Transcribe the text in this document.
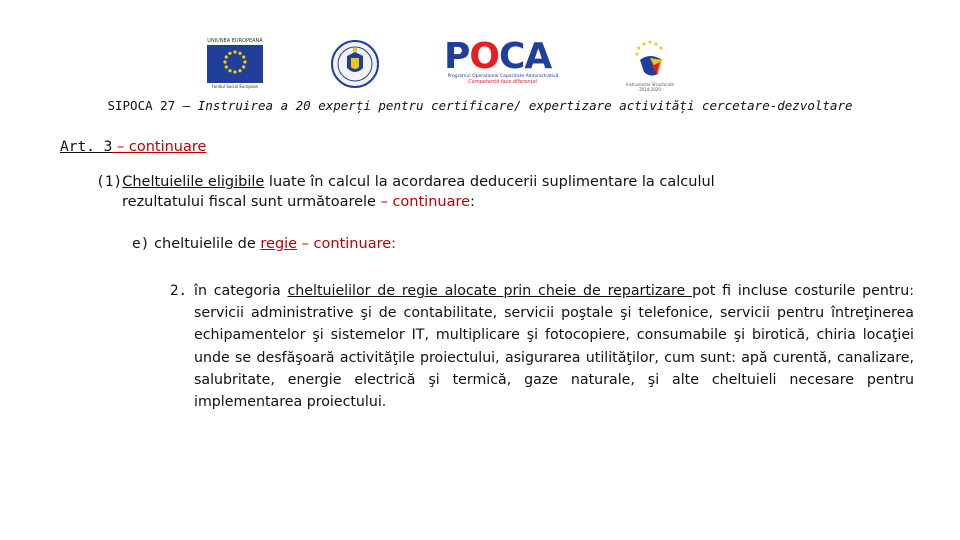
UNIUNEA EUROPEANĂ
Fondul Social European
POCA
Programul Operațional Capacitate Administrativă
Competență face diferența!	Instrumente Structurale 2014-2020
SIPOCA 27 – Instruirea a 20 experți pentru certificare/ expertizare activități cercetare-dezvoltare
Art. 3 – continuare
(1)Cheltuielile eligibile luate în calcul la acordarea deducerii suplimentare la calculul
rezultatului fiscal sunt următoarele – continuare:
e) cheltuielile de regie – continuare:
2. în categoria cheltuielilor de regie alocate prin cheie de repartizare pot fi incluse costurile pentru: servicii administrative şi de contabilitate, servicii poştale şi telefonice, servicii pentru întreţinerea echipamentelor şi sistemelor IT, multiplicare şi fotocopiere, consumabile şi birotică, chiria locaţiei unde se desfăşoară activităţile proiectului, asigurarea utilităţilor, cum sunt: apă curentă, canalizare, salubritate, energie electrică şi termică, gaze naturale, şi alte cheltuieli necesare pentru implementarea proiectului.
